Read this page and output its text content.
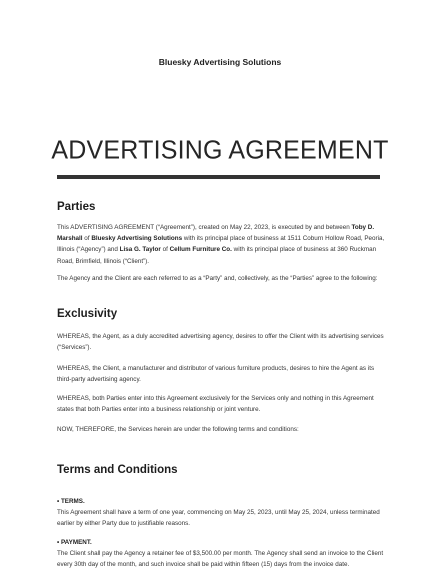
Bluesky Advertising Solutions
ADVERTISING AGREEMENT
Parties

This ADVERTISING AGREEMENT (“Agreement”), created on May 22, 2023, is executed by and between Toby D. Marshall of Bluesky Advertising Solutions with its principal place of business at 1511 Coburn Hollow Road, Peoria, Illinois (“Agency”) and Lisa G. Taylor of Cellum Furniture Co. with its principal place of business at 360 Ruckman Road, Brimfield, Illinois (“Client”).

The Agency and the Client are each referred to as a “Party” and, collectively, as the “Parties” agree to the following:

Exclusivity

WHEREAS, the Agent, as a duly accredited advertising agency, desires to offer the Client with its advertising services (“Services”).

WHEREAS, the Client, a manufacturer and distributor of various furniture products, desires to hire the Agent as its third-party advertising agency.

WHEREAS, both Parties enter into this Agreement exclusively for the Services only and nothing in this Agreement states that both Parties enter into a business relationship or joint venture.

NOW, THEREFORE, the Services herein are under the following terms and conditions:

Terms and Conditions

• TERMS.

This Agreement shall have a term of one year, commencing on May 25, 2023, until May 25, 2024, unless terminated earlier by either Party due to justifiable reasons.

• PAYMENT.

The Client shall pay the Agency a retainer fee of $3,500.00 per month. The Agency shall send an invoice to the Client every 30th day of the month, and such invoice shall be paid within fifteen (15) days from the invoice date.
